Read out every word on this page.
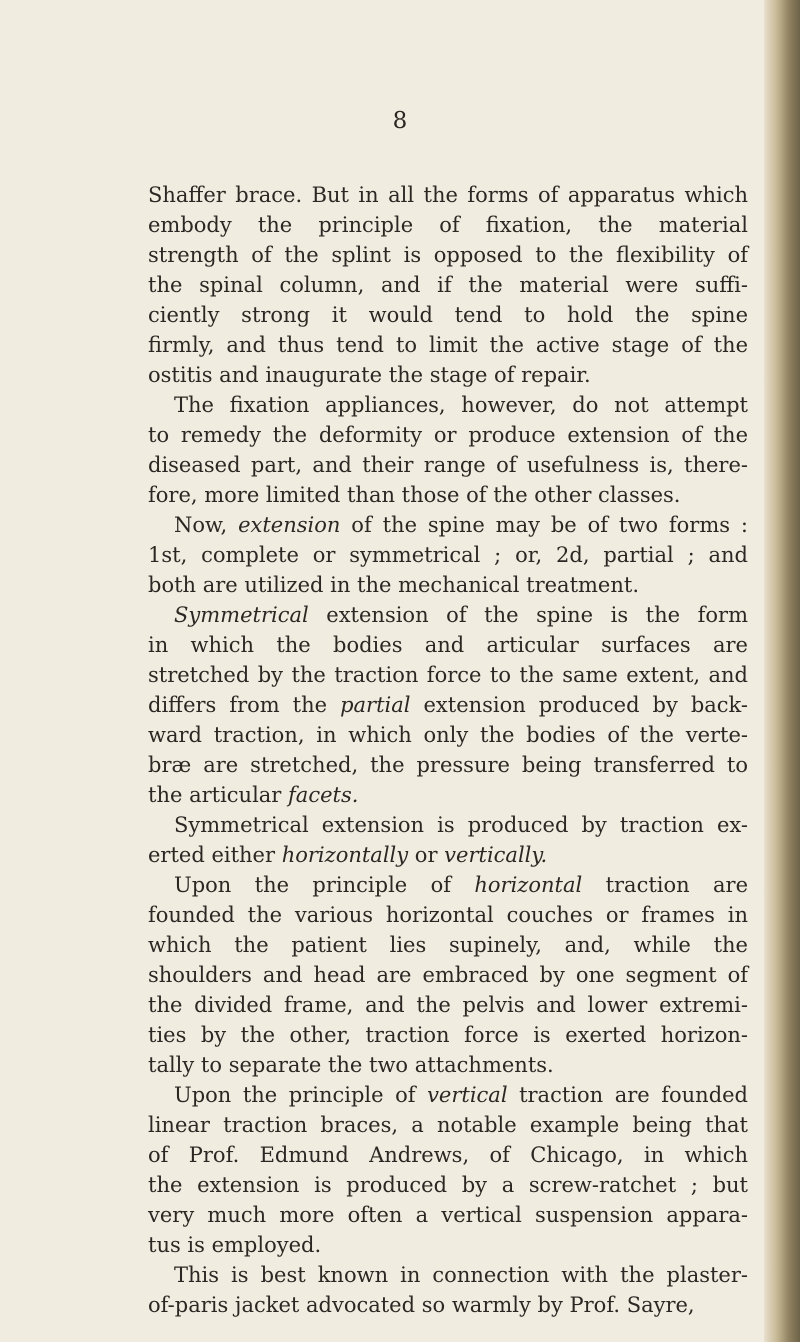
8
Shaffer brace. But in all the forms of apparatus which
embody the principle of fixation, the material
strength of the splint is opposed to the flexibility of
the spinal column, and if the material were suffi-
ciently strong it would tend to hold the spine
firmly, and thus tend to limit the active stage of the
ostitis and inaugurate the stage of repair.
The fixation appliances, however, do not attempt
to remedy the deformity or produce extension of the
diseased part, and their range of usefulness is, there-
fore, more limited than those of the other classes.
Now, extension of the spine may be of two forms :
1st, complete or symmetrical ; or, 2d, partial ; and
both are utilized in the mechanical treatment.
Symmetrical extension of the spine is the form
in which the bodies and articular surfaces are
stretched by the traction force to the same extent, and
differs from the partial extension produced by back-
ward traction, in which only the bodies of the verte-
bræ are stretched, the pressure being transferred to
the articular facets.
Symmetrical extension is produced by traction ex-
erted either horizontally or vertically.
Upon the principle of horizontal traction are
founded the various horizontal couches or frames in
which the patient lies supinely, and, while the
shoulders and head are embraced by one segment of
the divided frame, and the pelvis and lower extremi-
ties by the other, traction force is exerted horizon-
tally to separate the two attachments.
Upon the principle of vertical traction are founded
linear traction braces, a notable example being that
of Prof. Edmund Andrews, of Chicago, in which
the extension is produced by a screw-ratchet ; but
very much more often a vertical suspension appara-
tus is employed.
This is best known in connection with the plaster-
of-paris jacket advocated so warmly by Prof. Sayre,
